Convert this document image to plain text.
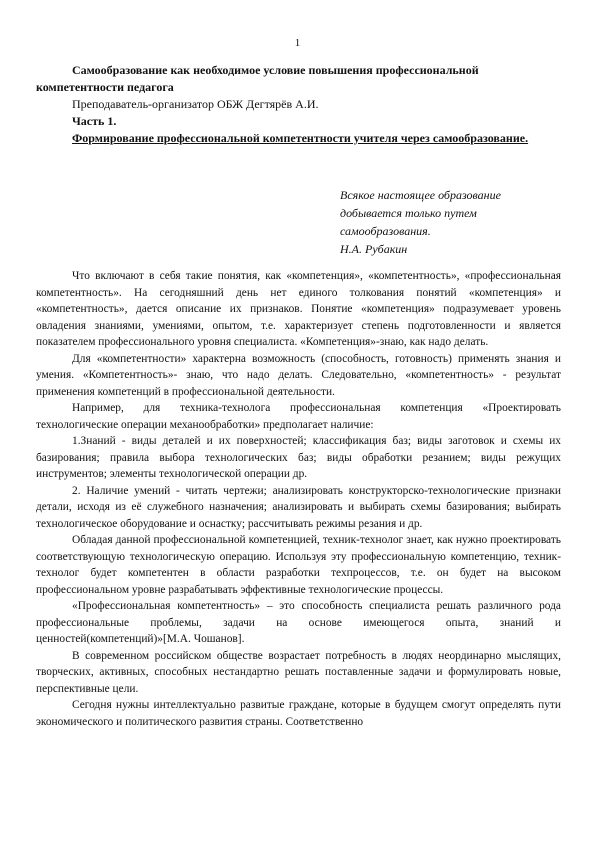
1

Самообразование как необходимое условие повышения профессиональной компетентности педагога

Преподаватель-организатор ОБЖ Дегтярёв А.И.

Часть 1.

Формирование профессиональной компетентности учителя через самообразование.

Всякое настоящее образование

добывается только путем

самообразования.

Н.А. Рубакин

Что включают в себя такие понятия, как «компетенция», «компетентность», «профессиональная компетентность». На сегодняшний день нет единого толкования понятий «компетенция» и «компетентность», дается описание их признаков. Понятие «компетенция» подразумевает уровень овладения знаниями, умениями, опытом, т.е. характеризует степень подготовленности и является показателем профессионального уровня специалиста. «Компетенция»-знаю, как надо делать.

Для «компетентности» характерна возможность (способность, готовность) применять знания и умения. «Компетентность»- знаю, что надо делать. Следовательно, «компетентность» - результат применения компетенций в профессиональной деятельности.

Например, для техника-технолога профессиональная компетенция «Проектировать технологические операции механообработки» предполагает наличие:

1.Знаний - виды деталей и их поверхностей; классификация баз; виды заготовок и схемы их базирования; правила выбора технологических баз; виды обработки резанием; виды режущих инструментов; элементы технологической операции др.

2. Наличие умений - читать чертежи; анализировать конструкторско-технологические признаки детали, исходя из её служебного назначения; анализировать и выбирать схемы базирования; выбирать технологическое оборудование и оснастку; рассчитывать режимы резания и др.

Обладая данной профессиональной компетенцией, техник-технолог знает, как нужно проектировать соответствующую технологическую операцию. Используя эту профессиональную компетенцию, техник- технолог будет компетентен в области разработки техпроцессов, т.е. он будет на высоком профессиональном уровне разрабатывать эффективные технологические процессы.

«Профессиональная компетентность» – это способность специалиста решать различного рода профессиональные проблемы, задачи на основе имеющегося опыта, знаний и ценностей(компетенций)»[М.А. Чошанов].

В современном российском обществе возрастает потребность в людях неординарно мыслящих, творческих, активных, способных нестандартно решать поставленные задачи и формулировать новые, перспективные цели.

Сегодня нужны интеллектуально развитые граждане, которые в будущем смогут определять пути экономического и политического развития страны. Соответственно
